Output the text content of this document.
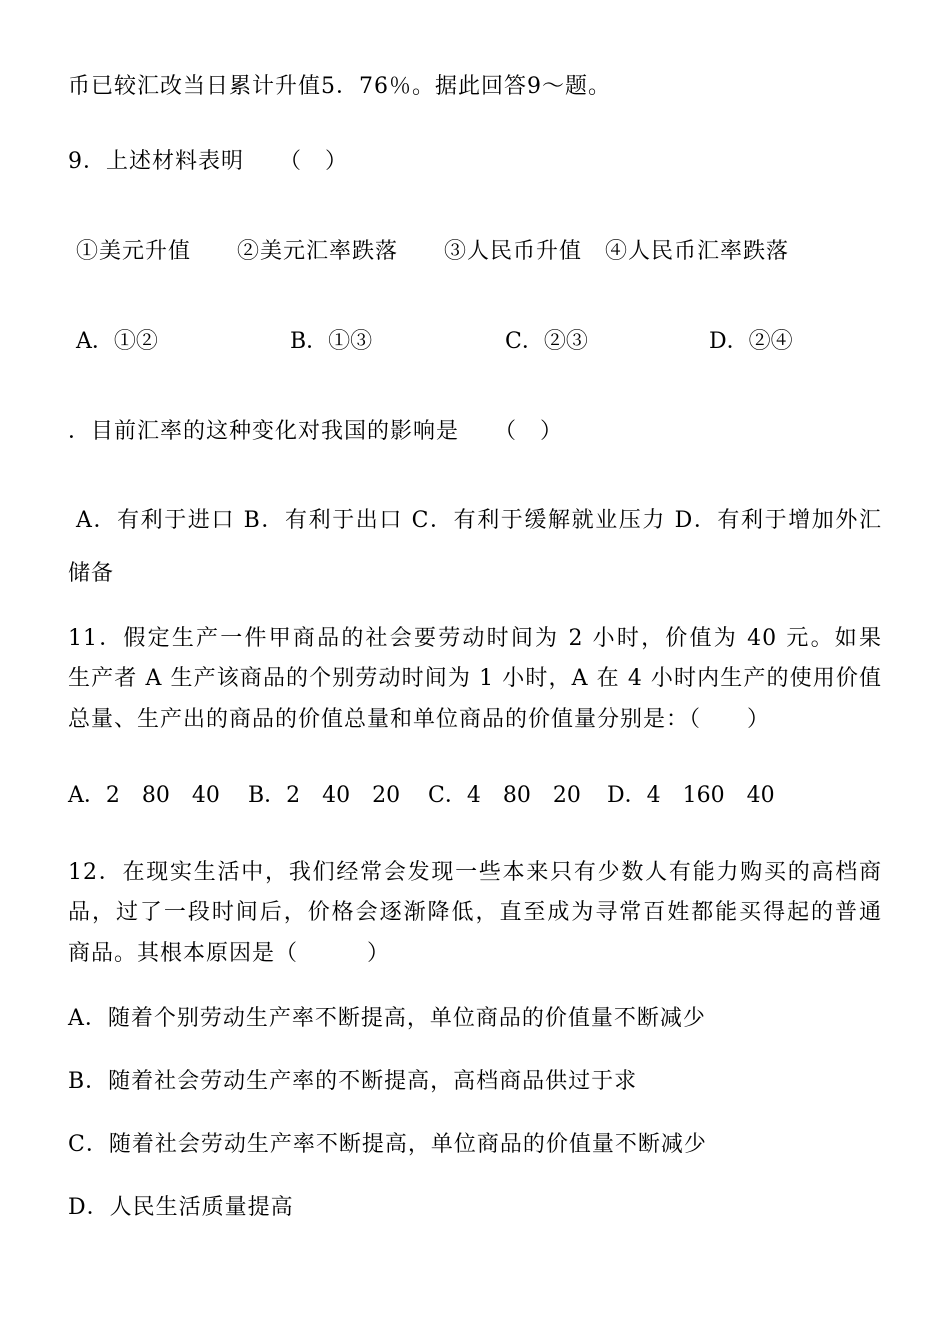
币已较汇改当日累计升值5．76％。据此回答9～题。
9．上述材料表明　　（　）
①美元升值　　②美元汇率跌落　　③人民币升值　④人民币汇率跌落
A．①②	B．①③	C．②③	D．②④
．目前汇率的这种变化对我国的影响是　　（　）
A．有利于进口 B．有利于出口 C．有利于缓解就业压力 D．有利于增加外汇
储备
11．假定生产一件甲商品的社会要劳动时间为 2 小时，价值为 40 元。如果
生产者 A 生产该商品的个别劳动时间为 1 小时，A 在 4 小时内生产的使用价值
总量、生产出的商品的价值总量和单位商品的价值量分别是：（　　）
A．2　80　40 B．2　40　20 C．4　80　20 D．4　160　40
12．在现实生活中，我们经常会发现一些本来只有少数人有能力购买的高档商
品，过了一段时间后，价格会逐渐降低，直至成为寻常百姓都能买得起的普通
商品。其根本原因是（　　　）
A．随着个别劳动生产率不断提高，单位商品的价值量不断减少
B．随着社会劳动生产率的不断提高，高档商品供过于求
C．随着社会劳动生产率不断提高，单位商品的价值量不断减少
D．人民生活质量提高
